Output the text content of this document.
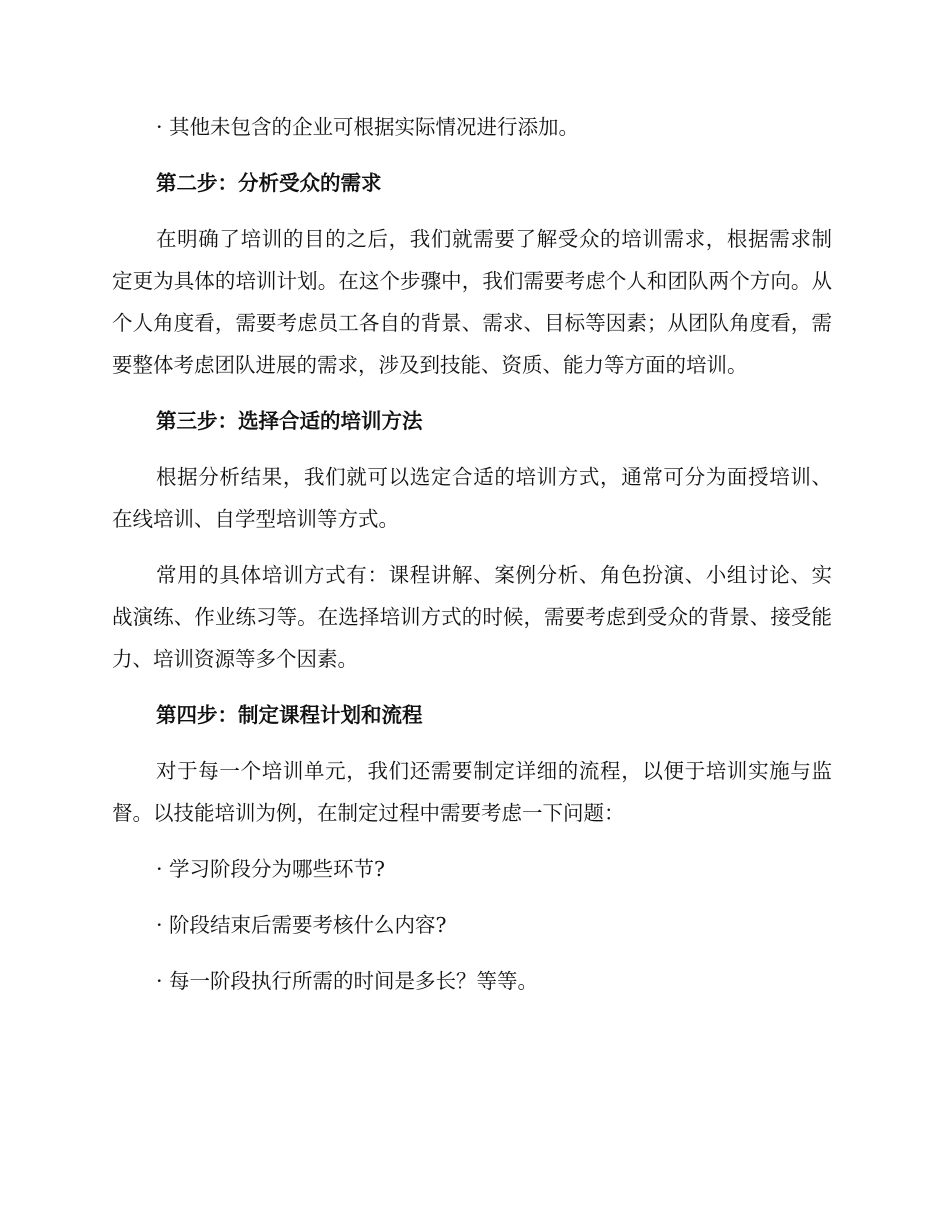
· 其他未包含的企业可根据实际情况进行添加。

第二步：分析受众的需求

在明确了培训的目的之后，我们就需要了解受众的培训需求，根据需求制定更为具体的培训计划。在这个步骤中，我们需要考虑个人和团队两个方向。从个人角度看，需要考虑员工各自的背景、需求、目标等因素；从团队角度看，需要整体考虑团队进展的需求，涉及到技能、资质、能力等方面的培训。

第三步：选择合适的培训方法

根据分析结果，我们就可以选定合适的培训方式，通常可分为面授培训、在线培训、自学型培训等方式。

常用的具体培训方式有：课程讲解、案例分析、角色扮演、小组讨论、实战演练、作业练习等。在选择培训方式的时候，需要考虑到受众的背景、接受能力、培训资源等多个因素。

第四步：制定课程计划和流程

对于每一个培训单元，我们还需要制定详细的流程，以便于培训实施与监督。以技能培训为例，在制定过程中需要考虑一下问题：

· 学习阶段分为哪些环节?

· 阶段结束后需要考核什么内容?

· 每一阶段执行所需的时间是多长？等等。
